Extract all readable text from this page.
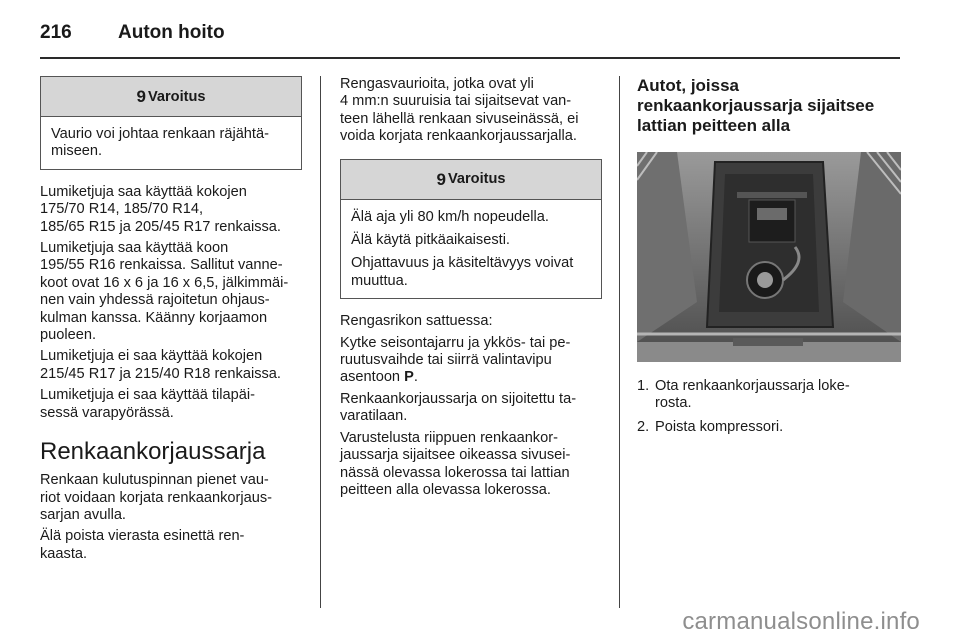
216	Auton hoito
9 Varoitus

Vaurio voi johtaa renkaan räjähtä-
miseen.

Lumiketjuja saa käyttää kokojen
175/70 R14, 185/70 R14,
185/65 R15 ja 205/45 R17 renkaissa.

Lumiketjuja saa käyttää koon
195/55 R16 renkaissa. Sallitut vanne-
koot ovat 16 x 6 ja 16 x 6,5, jälkimmäi-
nen vain yhdessä rajoitetun ohjaus-
kulman kanssa. Käänny korjaamon
puoleen.

Lumiketjuja ei saa käyttää kokojen
215/45 R17 ja 215/40 R18 renkaissa.

Lumiketjuja ei saa käyttää tilapäi-
sessä varapyörässä.

Renkaankorjaussarja

Renkaan kulutuspinnan pienet vau-
riot voidaan korjata renkaankorjaus-
sarjan avulla.

Älä poista vierasta esinettä ren-
kaasta.

Rengasvaurioita, jotka ovat yli
4 mm:n suuruisia tai sijaitsevat van-
teen lähellä renkaan sivuseinässä, ei
voida korjata renkaankorjaussarjalla.

9 Varoitus

Älä aja yli 80 km/h nopeudella.

Älä käytä pitkäaikaisesti.

Ohjattavuus ja käsiteltävyys voivat
muuttua.

Rengasrikon sattuessa:

Kytke seisontajarru ja ykkös- tai pe-
ruutusvaihde tai siirrä valintavipu
asentoon P.

Renkaankorjaussarja on sijoitettu ta-
varatilaan.

Varustelusta riippuen renkaankor-
jaussarja sijaitsee oikeassa sivusei-
nässä olevassa lokerossa tai lattian
peitteen alla olevassa lokerossa.

Autot, joissa
renkaankorjaussarja sijaitsee
lattian peitteen alla
1. Ota renkaankorjaussarja loke-
rosta.
2. Poista kompressori.
carmanualsonline.info
